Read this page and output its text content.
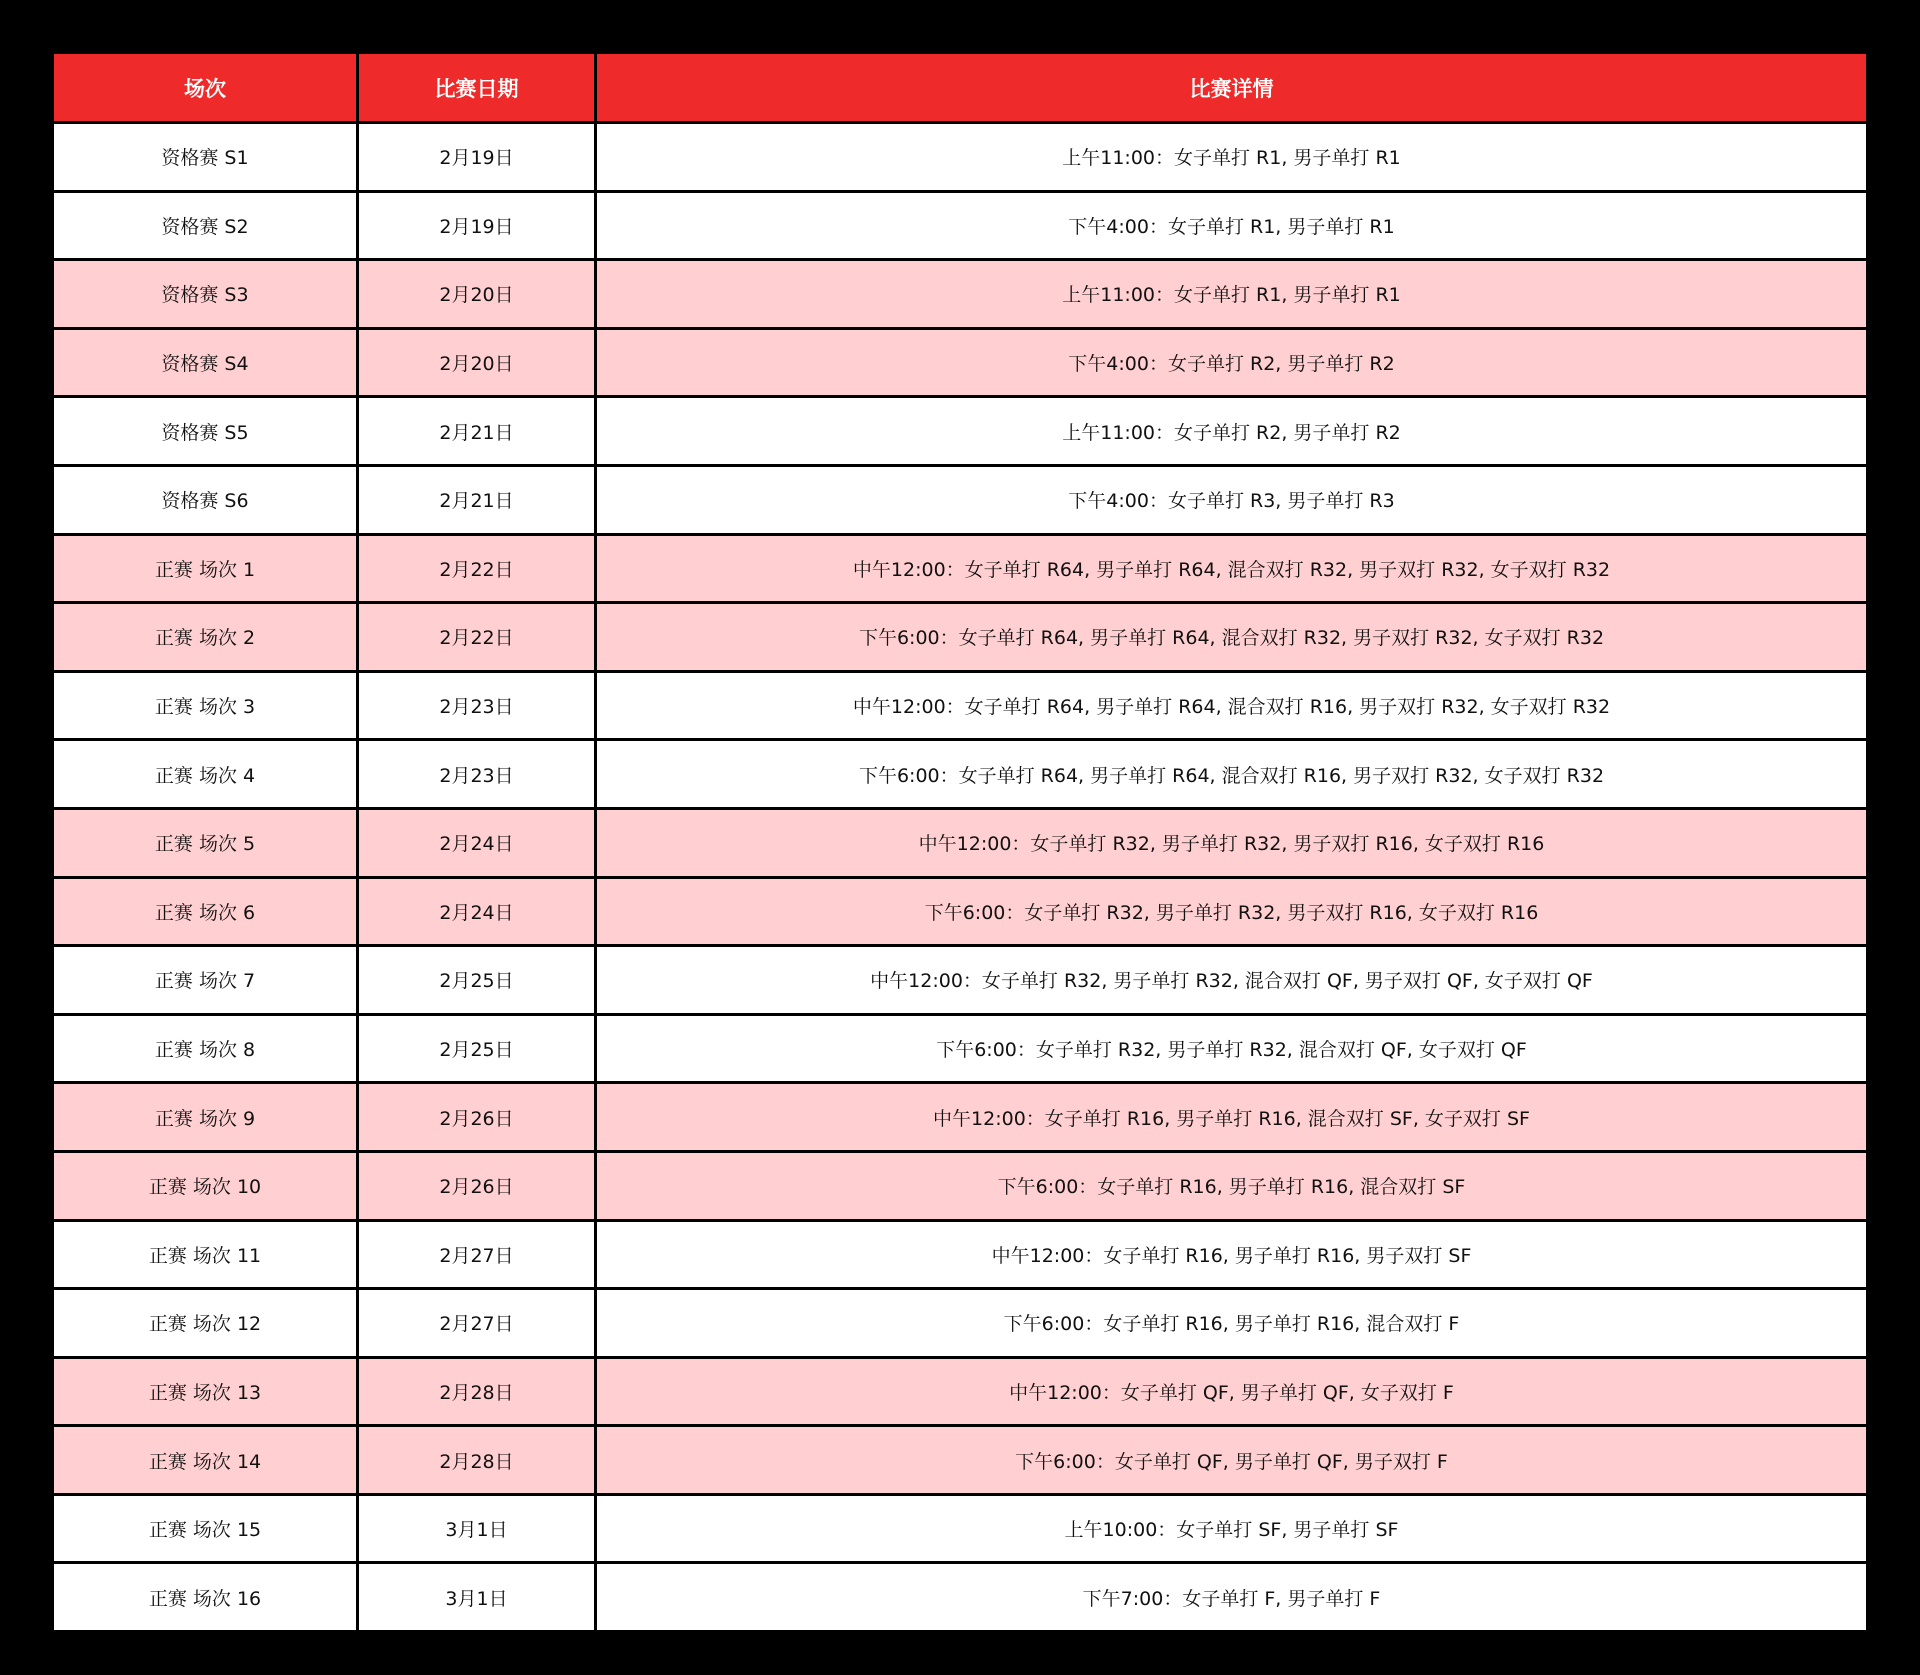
场次	比赛日期	比赛详情
资格赛 S1	2月19日	上午11:00：女子单打 R1, 男子单打 R1
资格赛 S2	2月19日	下午4:00：女子单打 R1, 男子单打 R1
资格赛 S3	2月20日	上午11:00：女子单打 R1, 男子单打 R1
资格赛 S4	2月20日	下午4:00：女子单打 R2, 男子单打 R2
资格赛 S5	2月21日	上午11:00：女子单打 R2, 男子单打 R2
资格赛 S6	2月21日	下午4:00：女子单打 R3, 男子单打 R3
正赛 场次 1	2月22日	中午12:00：女子单打 R64, 男子单打 R64, 混合双打 R32, 男子双打 R32, 女子双打 R32
正赛 场次 2	2月22日	下午6:00：女子单打 R64, 男子单打 R64, 混合双打 R32, 男子双打 R32, 女子双打 R32
正赛 场次 3	2月23日	中午12:00：女子单打 R64, 男子单打 R64, 混合双打 R16, 男子双打 R32, 女子双打 R32
正赛 场次 4	2月23日	下午6:00：女子单打 R64, 男子单打 R64, 混合双打 R16, 男子双打 R32, 女子双打 R32
正赛 场次 5	2月24日	中午12:00：女子单打 R32, 男子单打 R32, 男子双打 R16, 女子双打 R16
正赛 场次 6	2月24日	下午6:00：女子单打 R32, 男子单打 R32, 男子双打 R16, 女子双打 R16
正赛 场次 7	2月25日	中午12:00：女子单打 R32, 男子单打 R32, 混合双打 QF, 男子双打 QF, 女子双打 QF
正赛 场次 8	2月25日	下午6:00：女子单打 R32, 男子单打 R32, 混合双打 QF, 女子双打 QF
正赛 场次 9	2月26日	中午12:00：女子单打 R16, 男子单打 R16, 混合双打 SF, 女子双打 SF
正赛 场次 10	2月26日	下午6:00：女子单打 R16, 男子单打 R16, 混合双打 SF
正赛 场次 11	2月27日	中午12:00：女子单打 R16, 男子单打 R16, 男子双打 SF
正赛 场次 12	2月27日	下午6:00：女子单打 R16, 男子单打 R16, 混合双打 F
正赛 场次 13	2月28日	中午12:00：女子单打 QF, 男子单打 QF, 女子双打 F
正赛 场次 14	2月28日	下午6:00：女子单打 QF, 男子单打 QF, 男子双打 F
正赛 场次 15	3月1日	上午10:00：女子单打 SF, 男子单打 SF
正赛 场次 16	3月1日	下午7:00：女子单打 F, 男子单打 F
